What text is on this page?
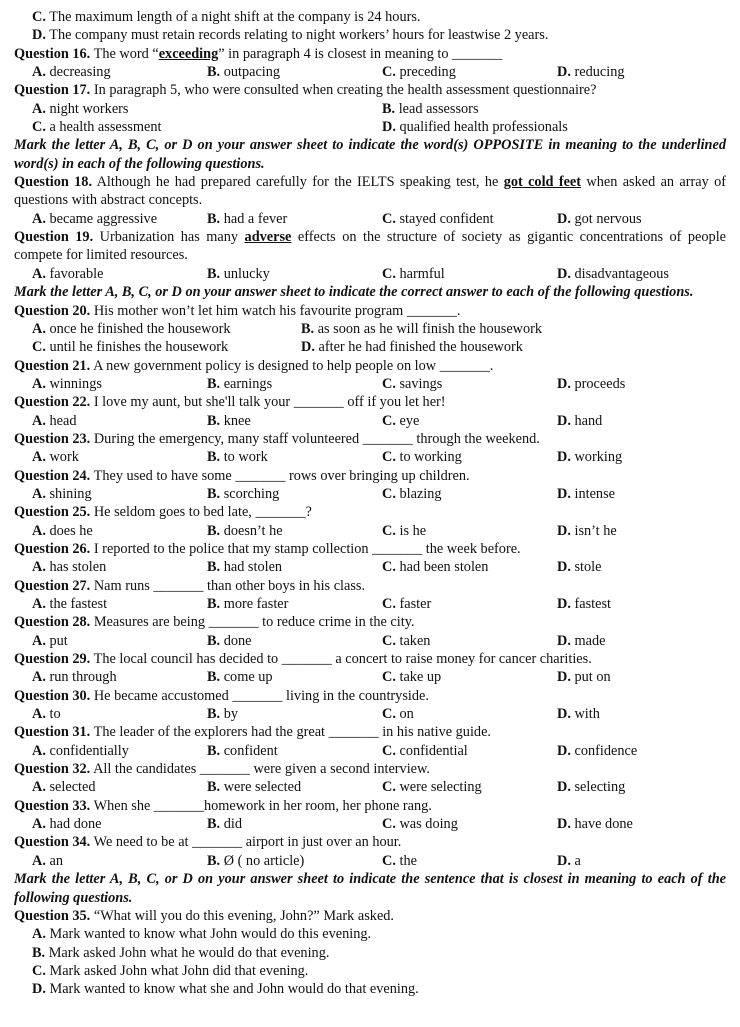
C. The maximum length of a night shift at the company is 24 hours.
D. The company must retain records relating to night workers’ hours for leastwise 2 years.
Question 16. The word “exceeding” in paragraph 4 is closest in meaning to _______
A. decreasing	B. outpacing	C. preceding	D. reducing
Question 17. In paragraph 5, who were consulted when creating the health assessment questionnaire?
A. night workers	B. lead assessors
C. a health assessment	D. qualified health professionals
Mark the letter A, B, C, or D on your answer sheet to indicate the word(s) OPPOSITE in meaning to the underlined word(s) in each of the following questions.
Question 18. Although he had prepared carefully for the IELTS speaking test, he got cold feet when asked an array of questions with abstract concepts.
A. became aggressive	B. had a fever	C. stayed confident	D. got nervous
Question 19. Urbanization has many adverse effects on the structure of society as gigantic concentrations of people compete for limited resources.
A. favorable	B. unlucky	C. harmful	D. disadvantageous
Mark the letter A, B, C, or D on your answer sheet to indicate the correct answer to each of the following questions.
Question 20. His mother won’t let him watch his favourite program _______.
A. once he finished the housework	B. as soon as he will finish the housework
C. until he finishes the housework	D. after he had finished the housework
Question 21. A new government policy is designed to help people on low _______.
A. winnings	B. earnings	C. savings	D. proceeds
Question 22. I love my aunt, but she'll talk your _______ off if you let her!
A. head	B. knee	C. eye	D. hand
Question 23. During the emergency, many staff volunteered _______ through the weekend.
A. work	B. to work	C. to working	D. working
Question 24. They used to have some _______ rows over bringing up children.
A. shining	B. scorching	C. blazing	D. intense
Question 25. He seldom goes to bed late, _______?
A. does he	B. doesn’t he	C. is he	D. isn’t he
Question 26. I reported to the police that my stamp collection _______ the week before.
A. has stolen	B. had stolen	C. had been stolen	D. stole
Question 27. Nam runs _______ than other boys in his class.
A. the fastest	B. more faster	C. faster	D. fastest
Question 28. Measures are being _______ to reduce crime in the city.
A. put	B. done	C. taken	D. made
Question 29. The local council has decided to _______ a concert to raise money for cancer charities.
A. run through	B. come up	C. take up	D. put on
Question 30. He became accustomed _______ living in the countryside.
A. to	B. by	C. on	D. with
Question 31. The leader of the explorers had the great _______ in his native guide.
A. confidentially	B. confident	C. confidential	D. confidence
Question 32. All the candidates _______ were given a second interview.
A. selected	B. were selected	C. were selecting	D. selecting
Question 33. When she _______homework in her room, her phone rang.
A. had done	B. did	C. was doing	D. have done
Question 34. We need to be at _______ airport in just over an hour.
A. an	B. Ø ( no article)	C. the	D. a
Mark the letter A, B, C, or D on your answer sheet to indicate the sentence that is closest in meaning to each of the following questions.
Question 35. “What will you do this evening, John?” Mark asked.
A. Mark wanted to know what John would do this evening.
B. Mark asked John what he would do that evening.
C. Mark asked John what John did that evening.
D. Mark wanted to know what she and John would do that evening.
